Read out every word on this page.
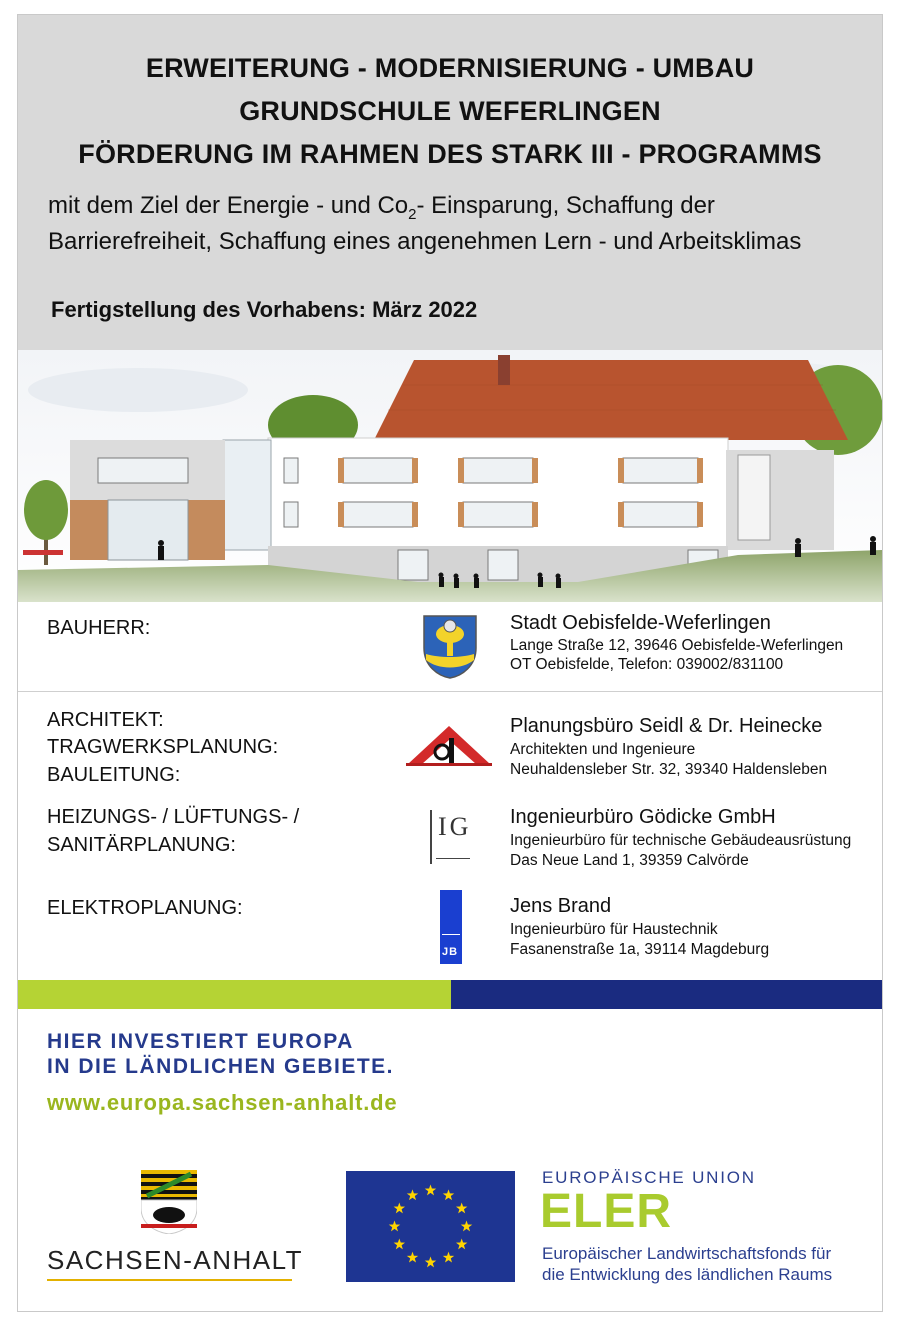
ERWEITERUNG - MODERNISIERUNG - UMBAU
GRUNDSCHULE WEFERLINGEN
FÖRDERUNG IM RAHMEN DES STARK III - PROGRAMMS
mit dem Ziel der Energie - und $Co_2-$ Einsparung, Schaffung der
Barrierefreiheit, Schaffung eines angenehmen Lern - und Arbeitsklimas
Fertigstellung des Vorhabens: März 2022
BAUHERR:	Stadt Oebisfelde-Weferlingen
Lange Straße 12, 39646 Oebisfelde-Weferlingen
OT Oebisfelde, Telefon: 039002/831100
ARCHITEKT:
TRAGWERKSPLANUNG:
BAULEITUNG:
Planungsbüro Seidl & Dr. Heinecke
Architekten und Ingenieure
Neuhaldensleber Str. 32, 39340 Haldensleben
HEIZUNGS- / LÜFTUNGS- /
SANITÄRPLANUNG:
IG Ingenieurbüro Gödicke GmbH
Ingenieurbüro für technische Gebäudeausrüstung
Das Neue Land 1, 39359 Calvörde
ELEKTROPLANUNG:
JB
Jens Brand
Ingenieurbüro für Haustechnik
Fasanenstraße 1a, 39114 Magdeburg
HIER INVESTIERT EUROPA
IN DIE LÄNDLICHEN GEBIETE.
www.europa.sachsen-anhalt.de
SACHSEN-ANHALT
EUROPÄISCHE UNION
ELER
Europäischer Landwirtschaftsfonds für
die Entwicklung des ländlichen Raums
